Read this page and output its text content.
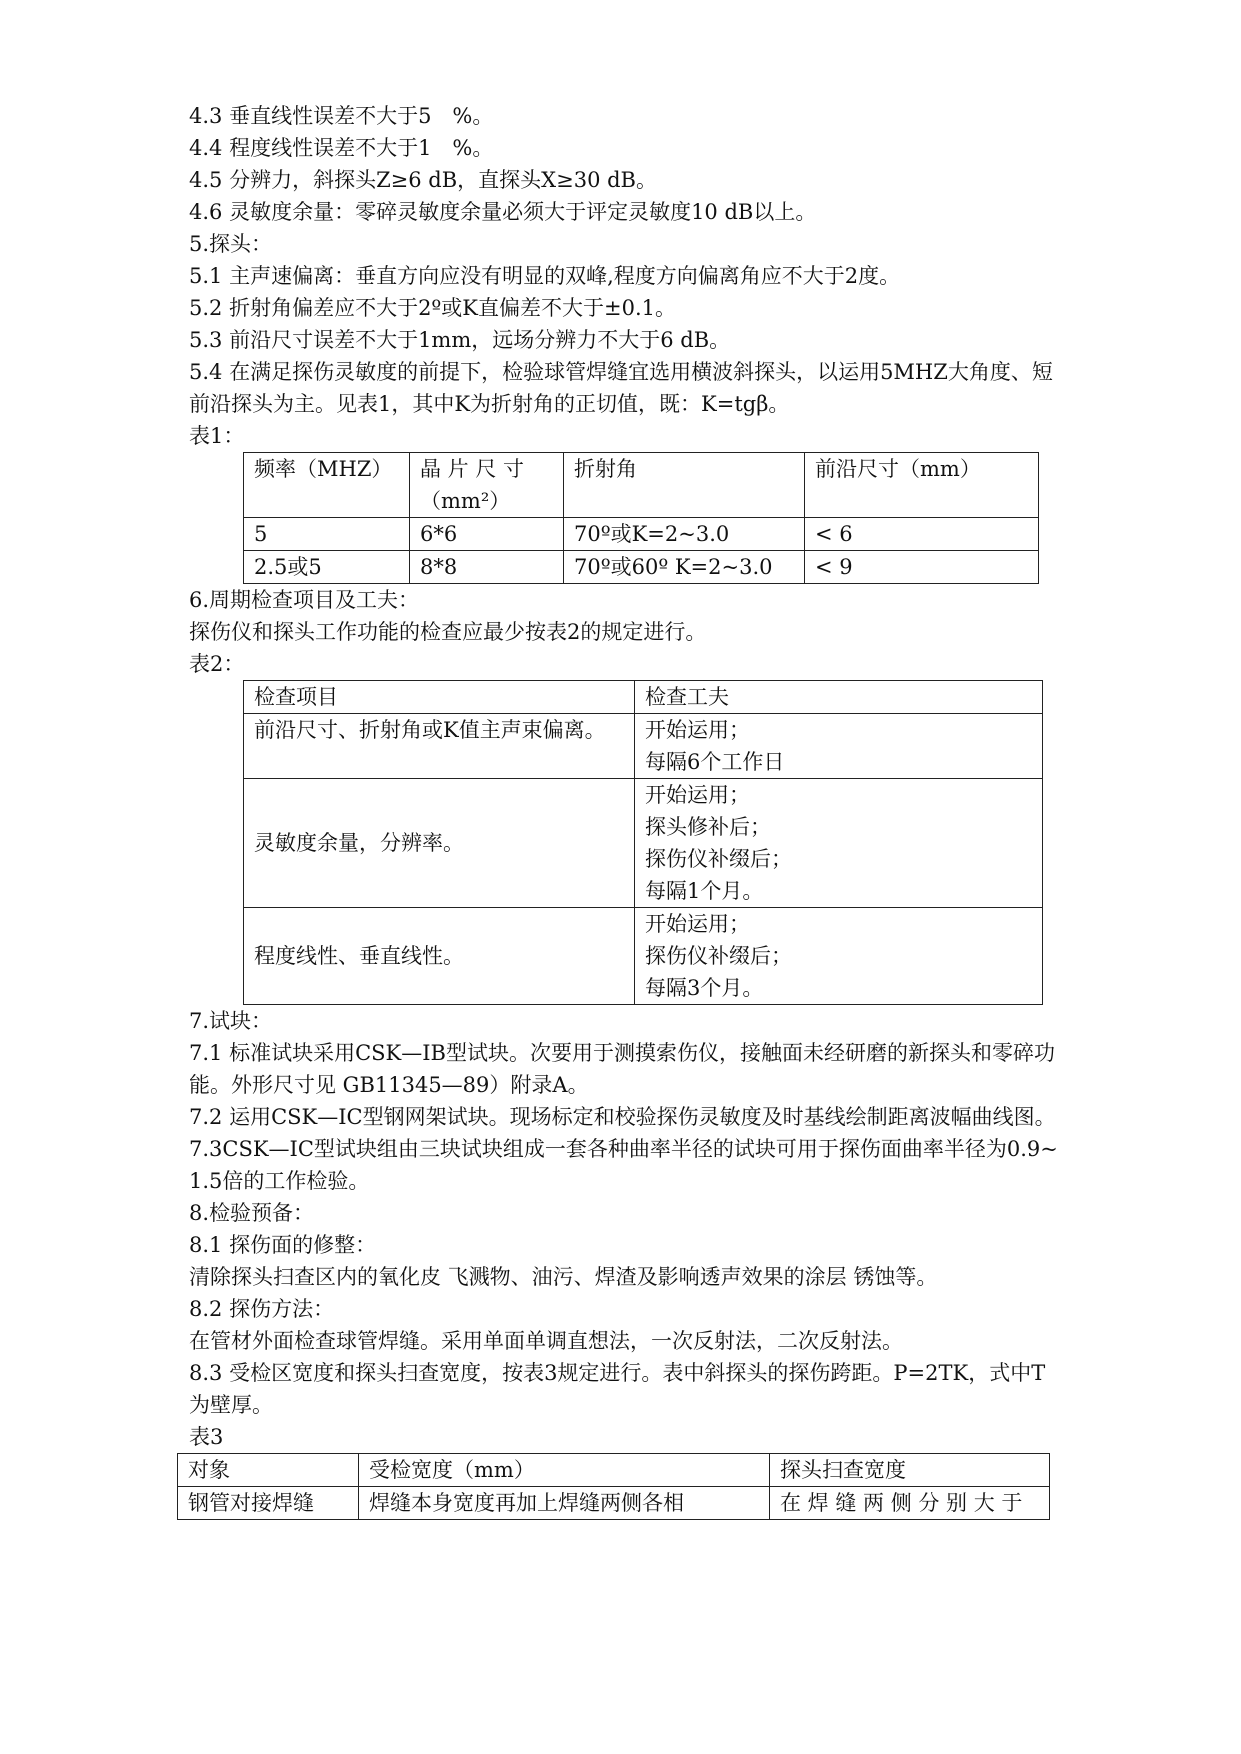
4.3 垂直线性误差不大于5　%。
4.4 程度线性误差不大于1　%。
4.5 分辨力，斜探头Z≥6 dB，直探头X≥30 dB。
4.6 灵敏度余量：零碎灵敏度余量必须大于评定灵敏度10 dB以上。
5.探头：
5.1 主声速偏离：垂直方向应没有明显的双峰,程度方向偏离角应不大于2度。
5.2 折射角偏差应不大于2º或K直偏差不大于±0.1。
5.3 前沿尺寸误差不大于1mm，远场分辨力不大于6 dB。
5.4 在满足探伤灵敏度的前提下，检验球管焊缝宜选用横波斜探头，以运用5MHZ大角度、短前沿探头为主。见表1，其中K为折射角的正切值，既：K=tgβ。
表1：
频率（MHZ）	晶 片 尺 寸（mm²）	折射角	前沿尺寸（mm）
5	6*6	70º或K=2~3.0	< 6
2.5或5	8*8	70º或60º K=2~3.0	< 9
6.周期检查项目及工夫：
探伤仪和探头工作功能的检查应最少按表2的规定进行。
表2：
检查项目	检查工夫
前沿尺寸、折射角或K值主声束偏离。	开始运用；
每隔6个工作日

灵敏度余量，分辨率。	开始运用；
探头修补后；
探伤仪补缀后；
每隔1个月。

程度线性、垂直线性。	开始运用；
探伤仪补缀后；
每隔3个月。
7.试块：
7.1 标准试块采用CSK—IB型试块。次要用于测摸索伤仪，接触面未经研磨的新探头和零碎功能。外形尺寸见 GB11345—89）附录A。
7.2 运用CSK—IC型钢网架试块。现场标定和校验探伤灵敏度及时基线绘制距离波幅曲线图。
7.3CSK—IC型试块组由三块试块组成一套各种曲率半径的试块可用于探伤面曲率半径为0.9~1.5倍的工作检验。
8.检验预备：
8.1 探伤面的修整：
清除探头扫查区内的氧化皮 飞溅物、油污、焊渣及影响透声效果的涂层 锈蚀等。
8.2 探伤方法：
在管材外面检查球管焊缝。采用单面单调直想法，一次反射法，二次反射法。
8.3 受检区宽度和探头扫查宽度，按表3规定进行。表中斜探头的探伤跨距。P=2TK，式中T为壁厚。
表3
对象	受检宽度（mm）	探头扫查宽度
钢管对接焊缝	焊缝本身宽度再加上焊缝两侧各相	在 焊 缝 两 侧 分 别 大 于
